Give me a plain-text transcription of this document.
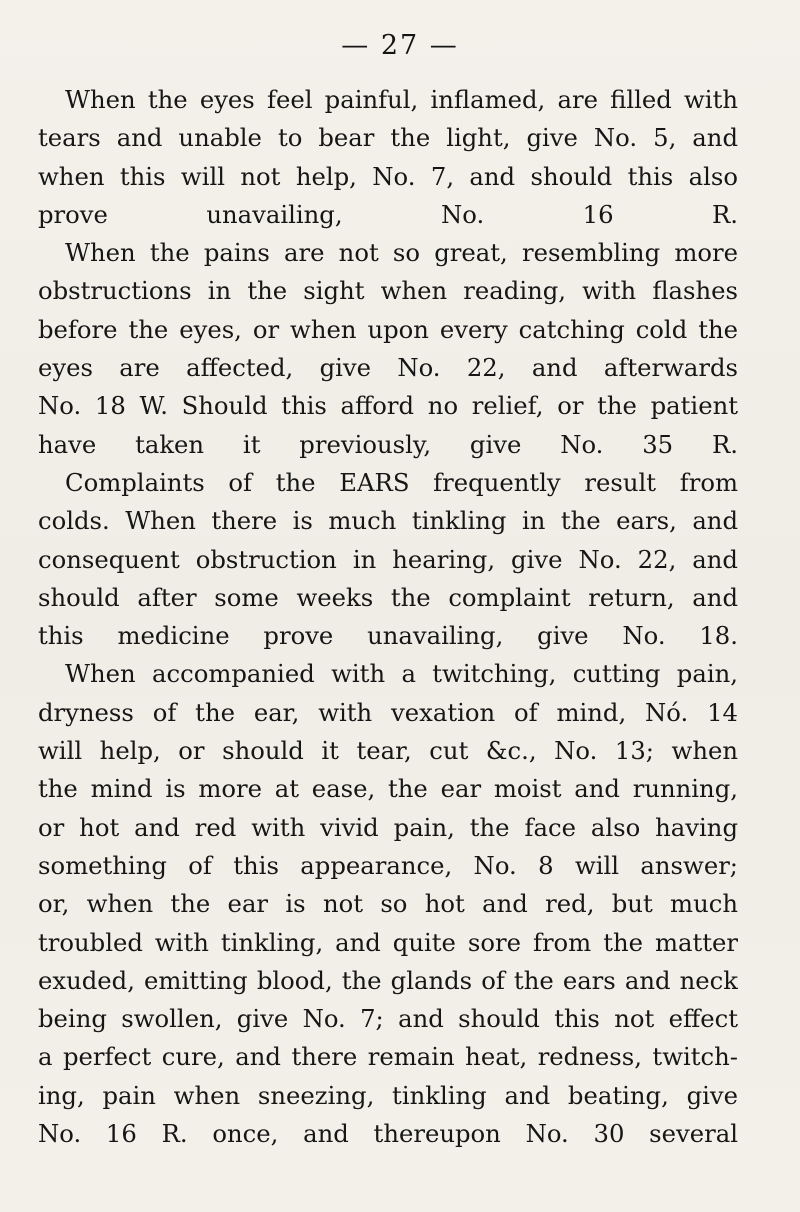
— 27 —
When the eyes feel painful, inflamed, are filled with
tears and unable to bear the light, give No. 5, and
when this will not help, No. 7, and should this also
prove unavailing, No. 16 R.
When the pains are not so great, resembling more
obstructions in the sight when reading, with flashes
before the eyes, or when upon every catching cold the
eyes are affected, give No. 22, and afterwards
No. 18 W. Should this afford no relief, or the patient
have taken it previously, give No. 35 R.
Complaints of the EARS frequently result from
colds. When there is much tinkling in the ears, and
consequent obstruction in hearing, give No. 22, and
should after some weeks the complaint return, and
this medicine prove unavailing, give No. 18.
When accompanied with a twitching, cutting pain,
dryness of the ear, with vexation of mind, Nó. 14
will help, or should it tear, cut &c., No. 13; when
the mind is more at ease, the ear moist and running,
or hot and red with vivid pain, the face also having
something of this appearance, No. 8 will answer;
or, when the ear is not so hot and red, but much
troubled with tinkling, and quite sore from the matter
exuded, emitting blood, the glands of the ears and neck
being swollen, give No. 7; and should this not effect
a perfect cure, and there remain heat, redness, twitch-
ing, pain when sneezing, tinkling and beating, give
No. 16 R. once, and thereupon No. 30 several
